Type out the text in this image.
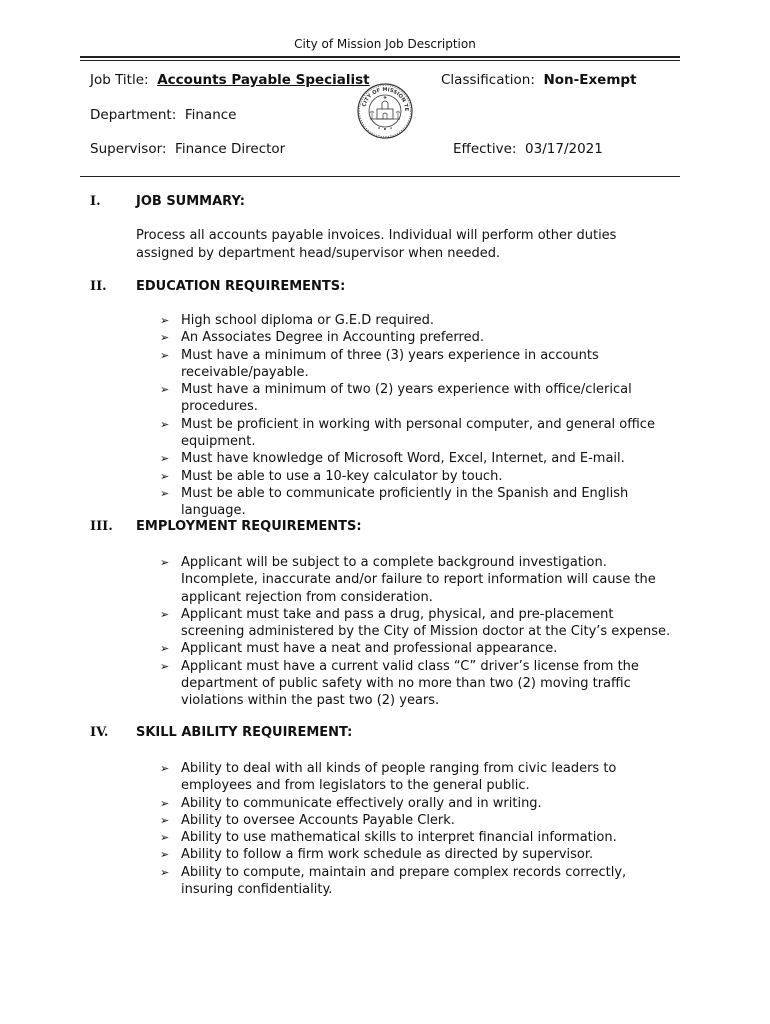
City of Mission Job Description
Job Title: Accounts Payable Specialist	Classification: Non-Exempt
Department: Finance
Supervisor: Finance Director	Effective: 03/17/2021
CITY OF MISSION TE
I.	JOB SUMMARY:
Process all accounts payable invoices. Individual will perform other duties assigned by department head/supervisor when needed.
II. EDUCATION REQUIREMENTS:
➢ High school diploma or G.E.D required.
➢ An Associates Degree in Accounting preferred.
➢ Must have a minimum of three (3) years experience in accounts receivable/payable.
➢ Must have a minimum of two (2) years experience with office/clerical procedures.
➢ Must be proficient in working with personal computer, and general office equipment.
➢ Must have knowledge of Microsoft Word, Excel, Internet, and E-mail.
➢ Must be able to use a 10-key calculator by touch.
➢ Must be able to communicate proficiently in the Spanish and English language.
III. EMPLOYMENT REQUIREMENTS:
➢ Applicant will be subject to a complete background investigation. Incomplete, inaccurate and/or failure to report information will cause the applicant rejection from consideration.
➢ Applicant must take and pass a drug, physical, and pre-placement screening administered by the City of Mission doctor at the City’s expense.
➢ Applicant must have a neat and professional appearance.
➢ Applicant must have a current valid class “C” driver’s license from the department of public safety with no more than two (2) moving traffic violations within the past two (2) years.
IV. SKILL ABILITY REQUIREMENT:
➢ Ability to deal with all kinds of people ranging from civic leaders to employees and from legislators to the general public.
➢ Ability to communicate effectively orally and in writing.
➢ Ability to oversee Accounts Payable Clerk.
➢ Ability to use mathematical skills to interpret financial information.
➢ Ability to follow a firm work schedule as directed by supervisor.
➢ Ability to compute, maintain and prepare complex records correctly, insuring confidentiality.
